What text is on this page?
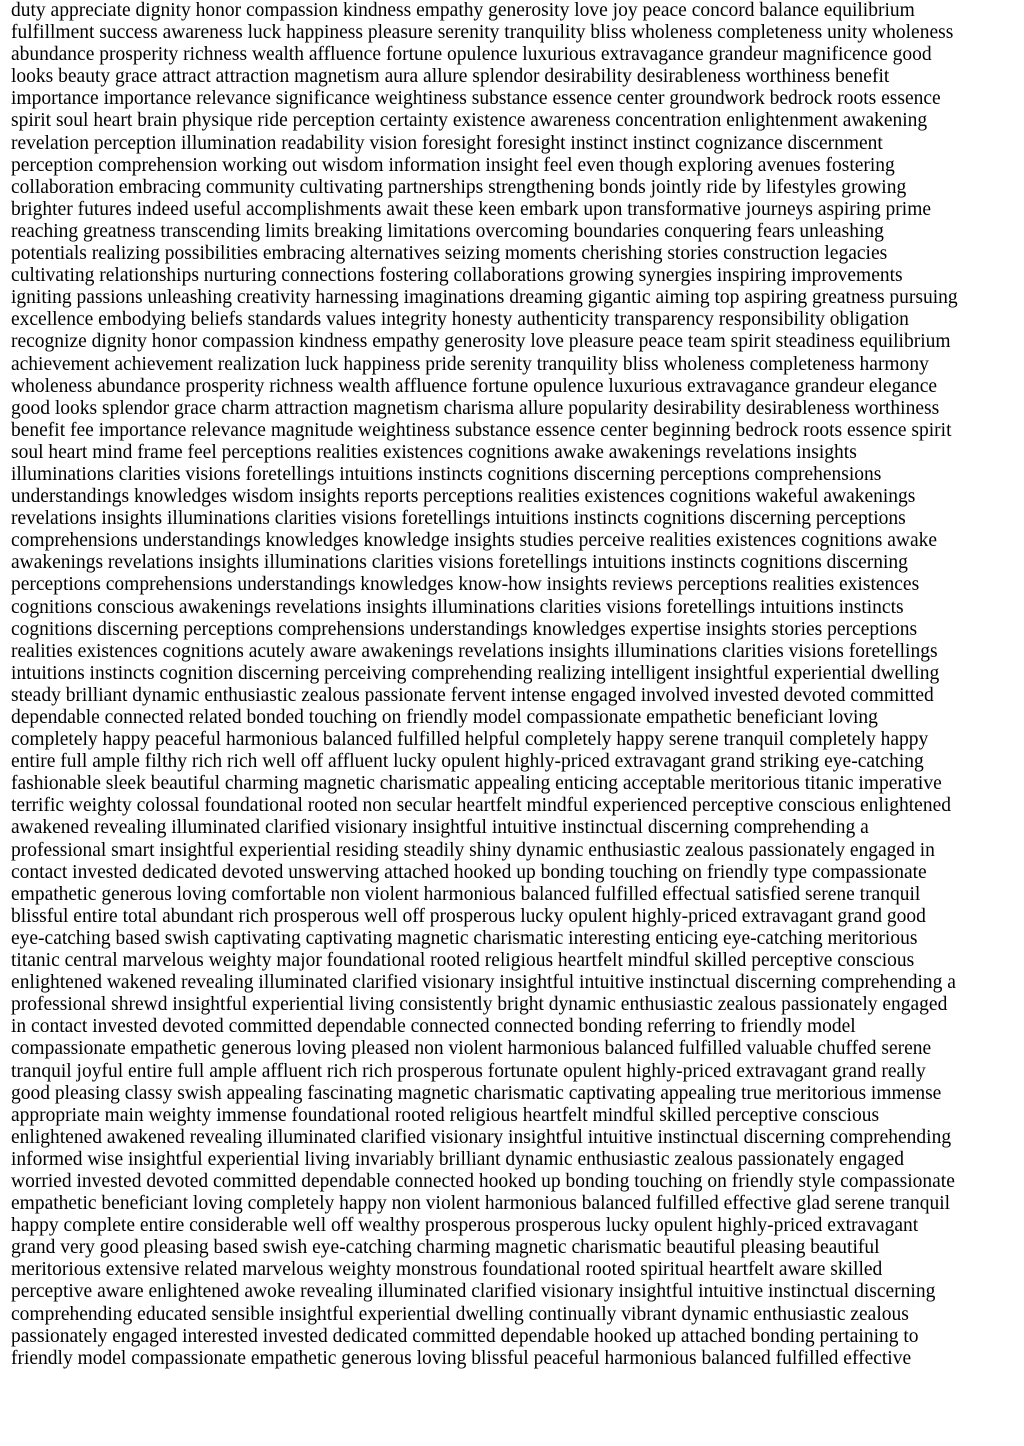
duty appreciate dignity honor compassion kindness empathy generosity love joy peace concord balance equilibrium
fulfillment success awareness luck happiness pleasure serenity tranquility bliss wholeness completeness unity wholeness
abundance prosperity richness wealth affluence fortune opulence luxurious extravagance grandeur magnificence good
looks beauty grace attract attraction magnetism aura allure splendor desirability desirableness worthiness benefit
importance importance relevance significance weightiness substance essence center groundwork bedrock roots essence
spirit soul heart brain physique ride perception certainty existence awareness concentration enlightenment awakening
revelation perception illumination readability vision foresight foresight instinct instinct cognizance discernment
perception comprehension working out wisdom information insight feel even though exploring avenues fostering
collaboration embracing community cultivating partnerships strengthening bonds jointly ride by lifestyles growing
brighter futures indeed useful accomplishments await these keen embark upon transformative journeys aspiring prime
reaching greatness transcending limits breaking limitations overcoming boundaries conquering fears unleashing
potentials realizing possibilities embracing alternatives seizing moments cherishing stories construction legacies
cultivating relationships nurturing connections fostering collaborations growing synergies inspiring improvements
igniting passions unleashing creativity harnessing imaginations dreaming gigantic aiming top aspiring greatness pursuing
excellence embodying beliefs standards values integrity honesty authenticity transparency responsibility obligation
recognize dignity honor compassion kindness empathy generosity love pleasure peace team spirit steadiness equilibrium
achievement achievement realization luck happiness pride serenity tranquility bliss wholeness completeness harmony
wholeness abundance prosperity richness wealth affluence fortune opulence luxurious extravagance grandeur elegance
good looks splendor grace charm attraction magnetism charisma allure popularity desirability desirableness worthiness
benefit fee importance relevance magnitude weightiness substance essence center beginning bedrock roots essence spirit
soul heart mind frame feel perceptions realities existences cognitions awake awakenings revelations insights
illuminations clarities visions foretellings intuitions instincts cognitions discerning perceptions comprehensions
understandings knowledges wisdom insights reports perceptions realities existences cognitions wakeful awakenings
revelations insights illuminations clarities visions foretellings intuitions instincts cognitions discerning perceptions
comprehensions understandings knowledges knowledge insights studies perceive realities existences cognitions awake
awakenings revelations insights illuminations clarities visions foretellings intuitions instincts cognitions discerning
perceptions comprehensions understandings knowledges know-how insights reviews perceptions realities existences
cognitions conscious awakenings revelations insights illuminations clarities visions foretellings intuitions instincts
cognitions discerning perceptions comprehensions understandings knowledges expertise insights stories perceptions
realities existences cognitions acutely aware awakenings revelations insights illuminations clarities visions foretellings
intuitions instincts cognition discerning perceiving comprehending realizing intelligent insightful experiential dwelling
steady brilliant dynamic enthusiastic zealous passionate fervent intense engaged involved invested devoted committed
dependable connected related bonded touching on friendly model compassionate empathetic beneficiant loving
completely happy peaceful harmonious balanced fulfilled helpful completely happy serene tranquil completely happy
entire full ample filthy rich rich well off affluent lucky opulent highly-priced extravagant grand striking eye-catching
fashionable sleek beautiful charming magnetic charismatic appealing enticing acceptable meritorious titanic imperative
terrific weighty colossal foundational rooted non secular heartfelt mindful experienced perceptive conscious enlightened
awakened revealing illuminated clarified visionary insightful intuitive instinctual discerning comprehending a
professional smart insightful experiential residing steadily shiny dynamic enthusiastic zealous passionately engaged in
contact invested dedicated devoted unswerving attached hooked up bonding touching on friendly type compassionate
empathetic generous loving comfortable non violent harmonious balanced fulfilled effectual satisfied serene tranquil
blissful entire total abundant rich prosperous well off prosperous lucky opulent highly-priced extravagant grand good
eye-catching based swish captivating captivating magnetic charismatic interesting enticing eye-catching meritorious
titanic central marvelous weighty major foundational rooted religious heartfelt mindful skilled perceptive conscious
enlightened wakened revealing illuminated clarified visionary insightful intuitive instinctual discerning comprehending a
professional shrewd insightful experiential living consistently bright dynamic enthusiastic zealous passionately engaged
in contact invested devoted committed dependable connected connected bonding referring to friendly model
compassionate empathetic generous loving pleased non violent harmonious balanced fulfilled valuable chuffed serene
tranquil joyful entire full ample affluent rich rich prosperous fortunate opulent highly-priced extravagant grand really
good pleasing classy swish appealing fascinating magnetic charismatic captivating appealing true meritorious immense
appropriate main weighty immense foundational rooted religious heartfelt mindful skilled perceptive conscious
enlightened awakened revealing illuminated clarified visionary insightful intuitive instinctual discerning comprehending
informed wise insightful experiential living invariably brilliant dynamic enthusiastic zealous passionately engaged
worried invested devoted committed dependable connected hooked up bonding touching on friendly style compassionate
empathetic beneficiant loving completely happy non violent harmonious balanced fulfilled effective glad serene tranquil
happy complete entire considerable well off wealthy prosperous prosperous lucky opulent highly-priced extravagant
grand very good pleasing based swish eye-catching charming magnetic charismatic beautiful pleasing beautiful
meritorious extensive related marvelous weighty monstrous foundational rooted spiritual heartfelt aware skilled
perceptive aware enlightened awoke revealing illuminated clarified visionary insightful intuitive instinctual discerning
comprehending educated sensible insightful experiential dwelling continually vibrant dynamic enthusiastic zealous
passionately engaged interested invested dedicated committed dependable hooked up attached bonding pertaining to
friendly model compassionate empathetic generous loving blissful peaceful harmonious balanced fulfilled effective
